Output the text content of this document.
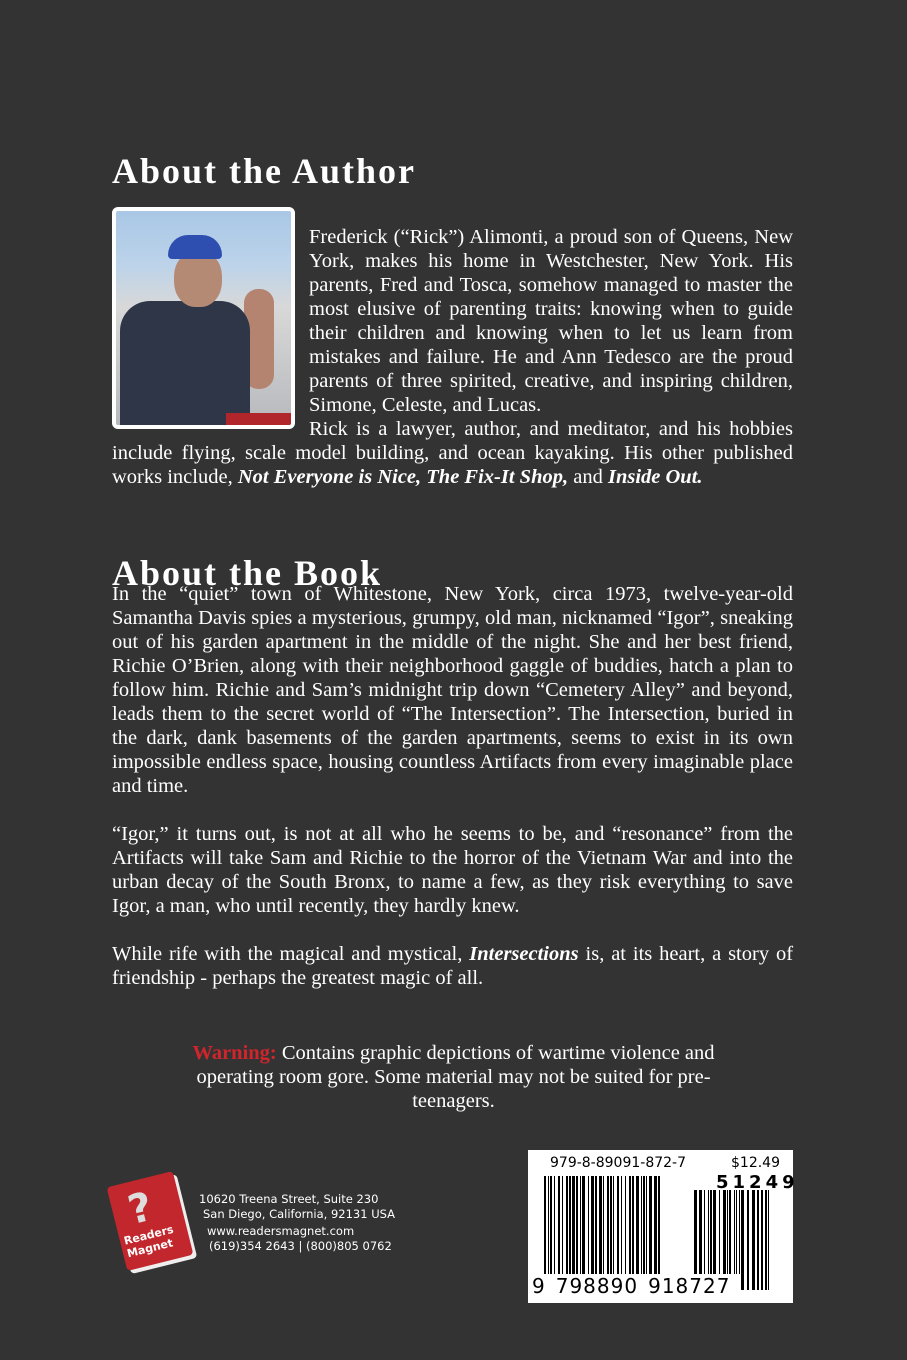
About the Author
Frederick (“Rick”) Alimonti, a proud son of Queens, New York, makes his home in Westchester, New York. His parents, Fred and Tosca, somehow managed to master the most elusive of parenting traits: knowing when to guide their children and knowing when to let us learn from mistakes and failure. He and Ann Tedesco are the proud parents of three spirited, creative, and inspiring children, Simone, Celeste, and Lucas.
Rick is a lawyer, author, and meditator, and his hobbies include flying, scale model building, and ocean kayaking. His other published works include, Not Everyone is Nice, The Fix-It Shop, and Inside Out.
About the Book

In the “quiet” town of Whitestone, New York, circa 1973, twelve-year-old Samantha Davis spies a mysterious, grumpy, old man, nicknamed “Igor”, sneaking out of his garden apartment in the middle of the night. She and her best friend, Richie O’Brien, along with their neighborhood gaggle of buddies, hatch a plan to follow him. Richie and Sam’s midnight trip down “Cemetery Alley” and beyond, leads them to the secret world of “The Intersection”. The Intersection, buried in the dark, dank basements of the garden apartments, seems to exist in its own impossible endless space, housing countless Artifacts from every imaginable place and time.

“Igor,” it turns out, is not at all who he seems to be, and “resonance” from the Artifacts will take Sam and Richie to the horror of the Vietnam War and into the urban decay of the South Bronx, to name a few, as they risk everything to save Igor, a man, who until recently, they hardly knew.

While rife with the magical and mystical, Intersections is, at its heart, a story of friendship - perhaps the greatest magic of all.

Warning: Contains graphic depictions of wartime violence and operating room gore. Some material may not be suited for pre-teenagers.
?
Readers Magnet
10620 Treena Street, Suite 230
San Diego, California, 92131 USA
www.readersmagnet.com
(619)354 2643 | (800)805 0762
979-8-89091-872-7	$12.49
51249
9 798890 918727
